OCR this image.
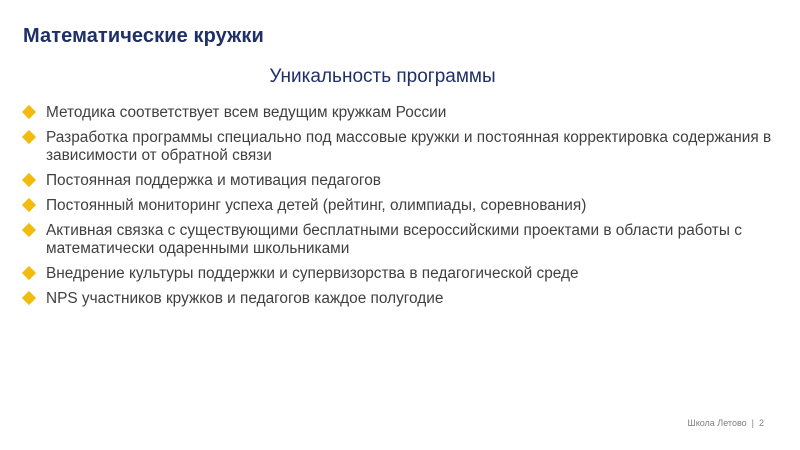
Математические кружки
Уникальность программы
Методика соответствует всем ведущим кружкам России
Разработка программы специально под массовые кружки и постоянная корректировка содержания в зависимости от обратной связи
Постоянная поддержка и мотивация педагогов
Постоянный мониторинг успеха детей (рейтинг, олимпиады, соревнования)
Активная связка с существующими бесплатными всероссийскими проектами в области работы с математически одаренными школьниками
Внедрение культуры поддержки и супервизорства в педагогической среде
NPS участников кружков и педагогов каждое полугодие
Школа Летово | 2
